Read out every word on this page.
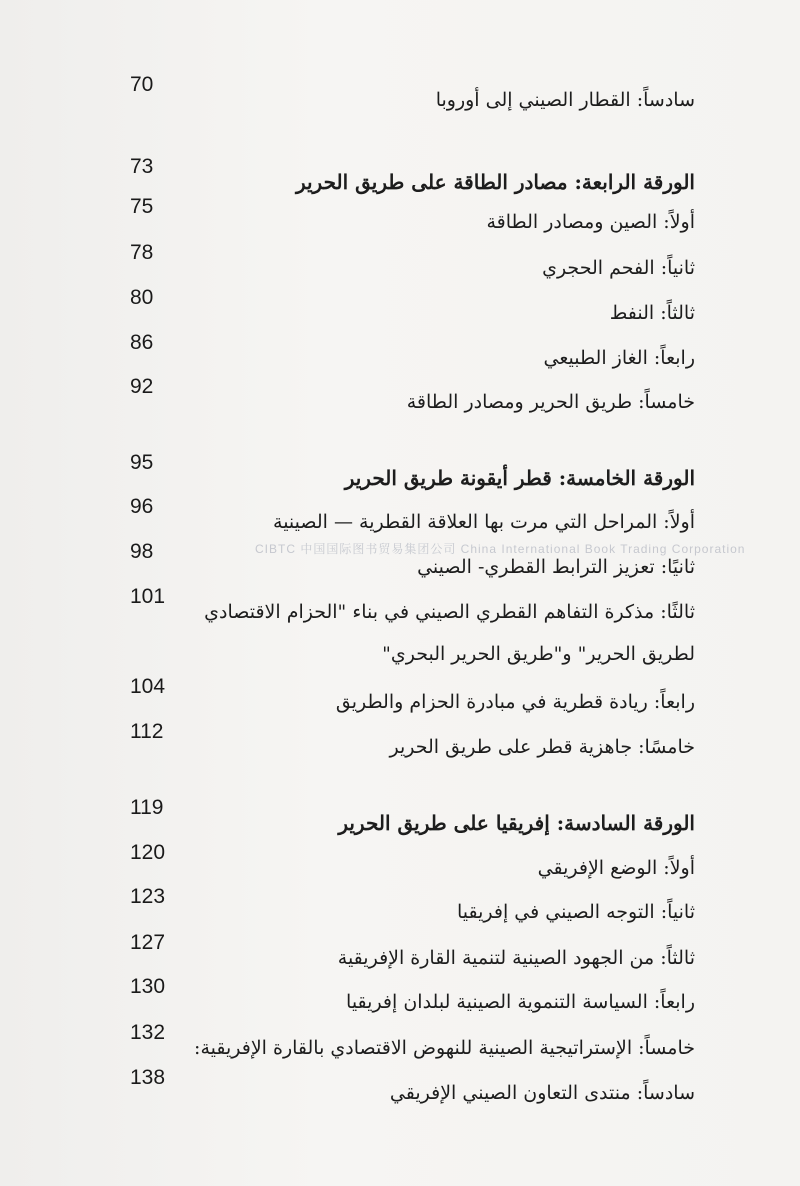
سادساً: القطار الصيني إلى أوروبا
70
الورقة الرابعة: مصادر الطاقة على طريق الحرير
73
أولاً: الصين ومصادر الطاقة
75
ثانياً: الفحم الحجري
78
ثالثاً: النفط
80
رابعاً: الغاز الطبيعي
86
خامساً: طريق الحرير ومصادر الطاقة
92
الورقة الخامسة: قطر أيقونة طريق الحرير
95
أولاً: المراحل التي مرت بها العلاقة القطرية — الصينية
96
ثانيًا: تعزيز الترابط القطري- الصيني
98
ثالثًا: مذكرة التفاهم القطري الصيني في بناء "الحزام الاقتصادي
101
لطريق الحرير" و"طريق الحرير البحري"
رابعاً: ريادة قطرية في مبادرة الحزام والطريق
104
خامسًا: جاهزية قطر على طريق الحرير
112
الورقة السادسة: إفريقيا على طريق الحرير
119
أولاً: الوضع الإفريقي
120
ثانياً: التوجه الصيني في إفريقيا
123
ثالثاً: من الجهود الصينية لتنمية القارة الإفريقية
127
رابعاً: السياسة التنموية الصينية لبلدان إفريقيا
130
خامساً: الإستراتيجية الصينية للنهوض الاقتصادي بالقارة الإفريقية:
132
سادساً: منتدى التعاون الصيني الإفريقي
138
CIBTC 中国国际图书贸易集团公司 China International Book Trading Corporation
